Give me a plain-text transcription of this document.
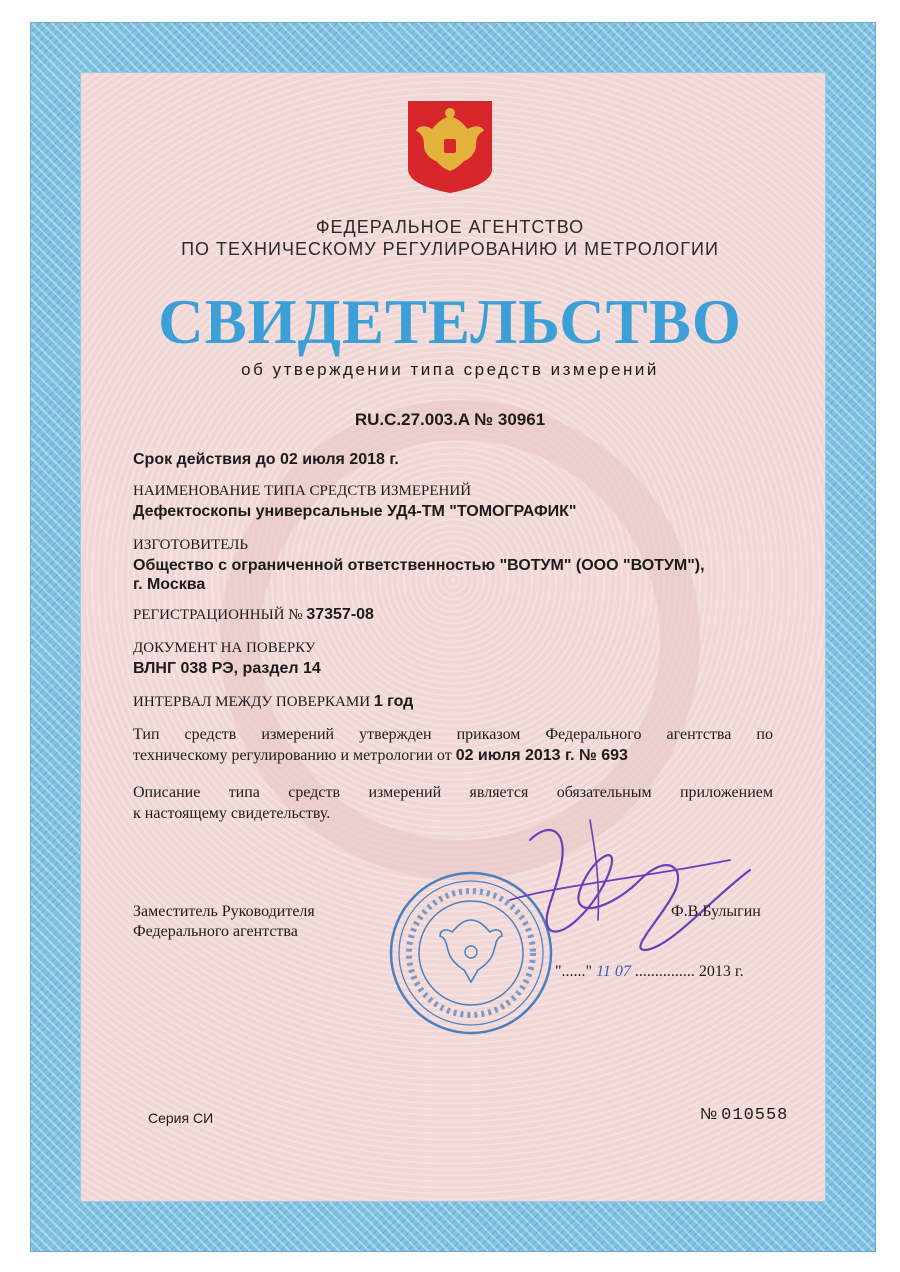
ФЕДЕРАЛЬНОЕ АГЕНТСТВО
ПО ТЕХНИЧЕСКОМУ РЕГУЛИРОВАНИЮ И МЕТРОЛОГИИ
СВИДЕТЕЛЬСТВО
об утверждении типа средств измерений
RU.C.27.003.A № 30961
Срок действия до 02 июля 2018 г.
НАИМЕНОВАНИЕ ТИПА СРЕДСТВ ИЗМЕРЕНИЙ
Дефектоскопы универсальные УД4-ТМ "ТОМОГРАФИК"
ИЗГОТОВИТЕЛЬ
Общество с ограниченной ответственностью "ВОТУМ" (ООО "ВОТУМ"),
г. Москва
РЕГИСТРАЦИОННЫЙ № 37357-08
ДОКУМЕНТ НА ПОВЕРКУ
ВЛНГ 038 РЭ, раздел 14
ИНТЕРВАЛ МЕЖДУ ПОВЕРКАМИ 1 год
Тип средств измерений утвержден приказом Федерального агентства по
техническому регулированию и метрологии от 02 июля 2013 г. № 693
Описание типа средств измерений является обязательным приложением
к настоящему свидетельству.
Заместитель Руководителя
Федерального агентства
Ф.В.Булыгин
"......" 11 07 ............... 2013 г.
Серия СИ	№ 010558
